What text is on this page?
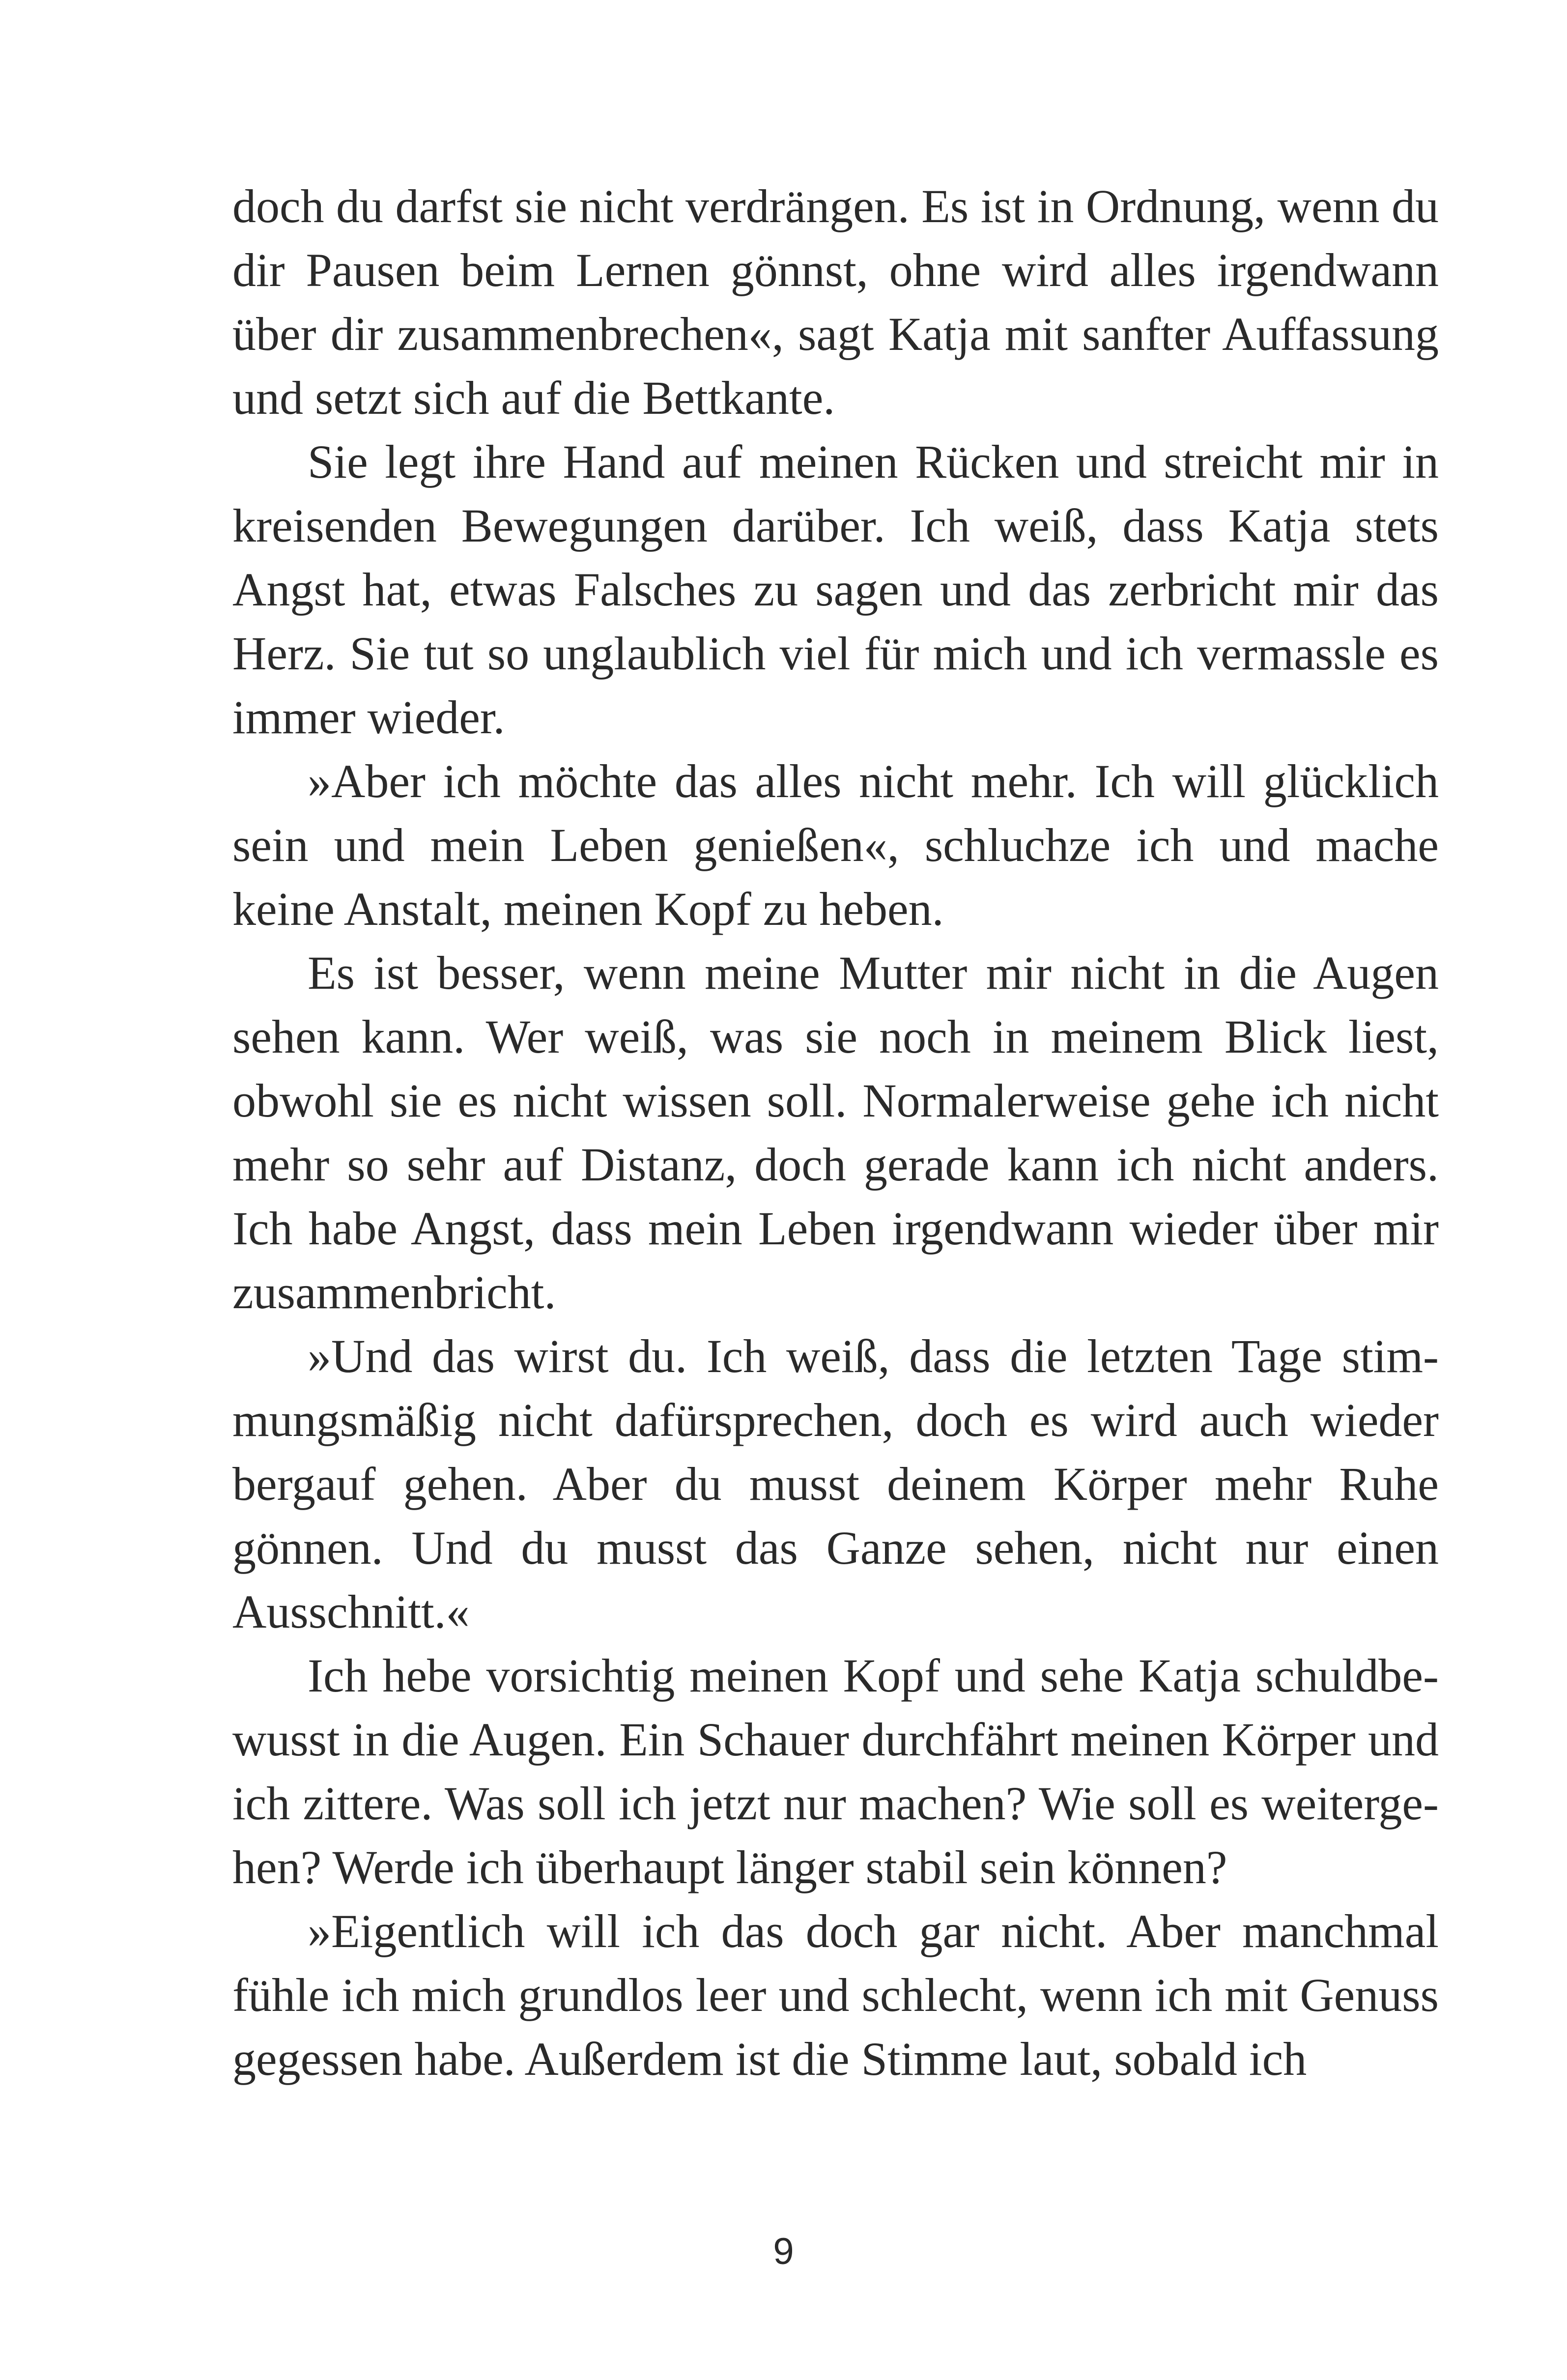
doch du darfst sie nicht verdrängen. Es ist in Ordnung, wenn du dir Pausen beim Lernen gönnst, ohne wird alles irgendwann über dir zusammenbrechen«, sagt Katja mit sanfter Auffassung und setzt sich auf die Bettkante.

Sie legt ihre Hand auf meinen Rücken und streicht mir in kreisenden Bewegungen darüber. Ich weiß, dass Katja stets Angst hat, etwas Falsches zu sagen und das zerbricht mir das Herz. Sie tut so unglaublich viel für mich und ich vermassle es immer wieder.

»Aber ich möchte das alles nicht mehr. Ich will glücklich sein und mein Leben genießen«, schluchze ich und mache keine Anstalt, meinen Kopf zu heben.

Es ist besser, wenn meine Mutter mir nicht in die Augen sehen kann. Wer weiß, was sie noch in meinem Blick liest, obwohl sie es nicht wissen soll. Normalerweise gehe ich nicht mehr so sehr auf Distanz, doch gerade kann ich nicht anders. Ich habe Angst, dass mein Leben irgendwann wieder über mir zusammenbricht.

»Und das wirst du. Ich weiß, dass die letzten Tage stimmungsmäßig nicht dafürsprechen, doch es wird auch wieder bergauf gehen. Aber du musst deinem Körper mehr Ruhe gönnen. Und du musst das Ganze sehen, nicht nur einen Ausschnitt.«

Ich hebe vorsichtig meinen Kopf und sehe Katja schuldbewusst in die Augen. Ein Schauer durchfährt meinen Körper und ich zittere. Was soll ich jetzt nur machen? Wie soll es weitergehen? Werde ich überhaupt länger stabil sein können?

»Eigentlich will ich das doch gar nicht. Aber manchmal fühle ich mich grundlos leer und schlecht, wenn ich mit Genuss gegessen habe. Außerdem ist die Stimme laut, sobald ich

9
